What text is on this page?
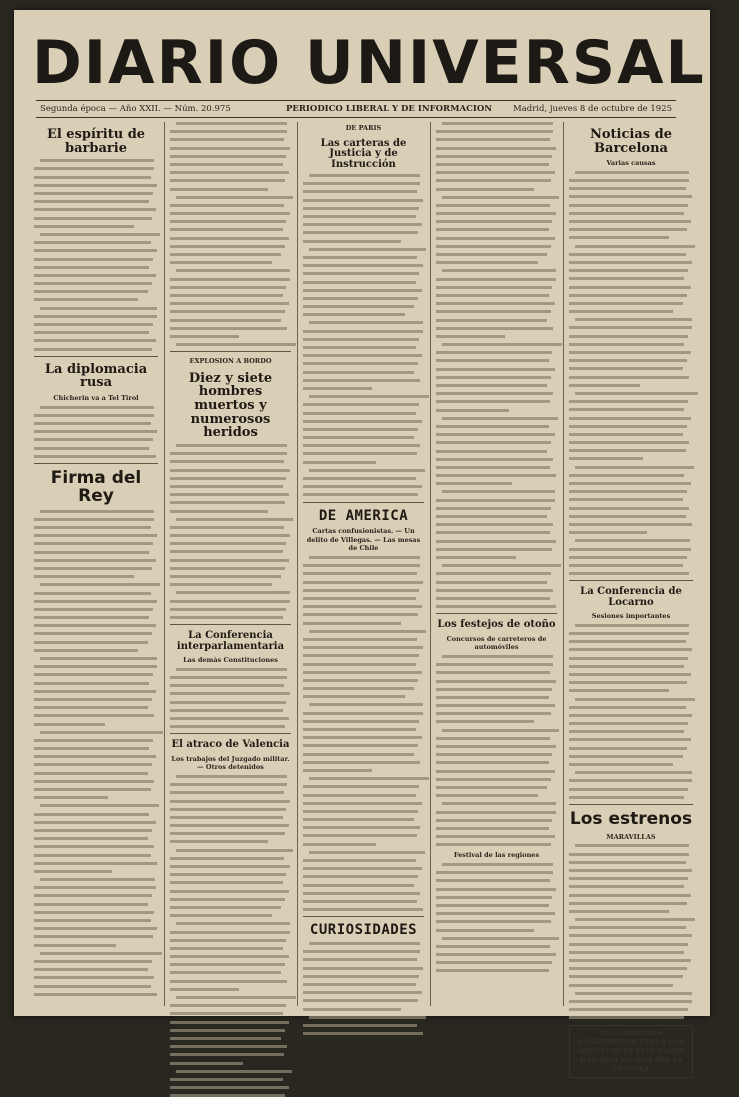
DIARIO UNIVERSAL
Segunda época — Año XXII. — Núm. 20.975	PERIODICO LIBERAL Y DE INFORMACION Madrid, jueves 8 de octubre de 1925
El espíritu de barbarie
La diplomacia rusa
Chicherin va a Tel Tirol
Firma del Rey
EXPLOSION A BORDO
Diez y siete hombres muertos y numerosos heridos
La Conferencia interparlamentaria
Las demás Constituciones
El atraco de Valencia
Los trabajos del Juzgado militar. — Otros detenidos
DE PARIS
Las carteras de Justicia y de Instrucción
DE AMERICA
Cartas confusionistas. — Un delito de Villegas. — Las mesas de Chile
CURIOSIDADES
Los festejos de otoño
Concursos de carreteros de automóviles
Festival de las regiones
Noticias de Barcelona
Varias causas
La Conferencia de Locarno
Sesiones importantes
Los estrenos
MARAVILLAS
LAS GALERADAS CORRESPONDIENTES A LOS ARTICULOS DE ESTE DIARIO HAN SIDO VISADAS POR LA CENSURA
